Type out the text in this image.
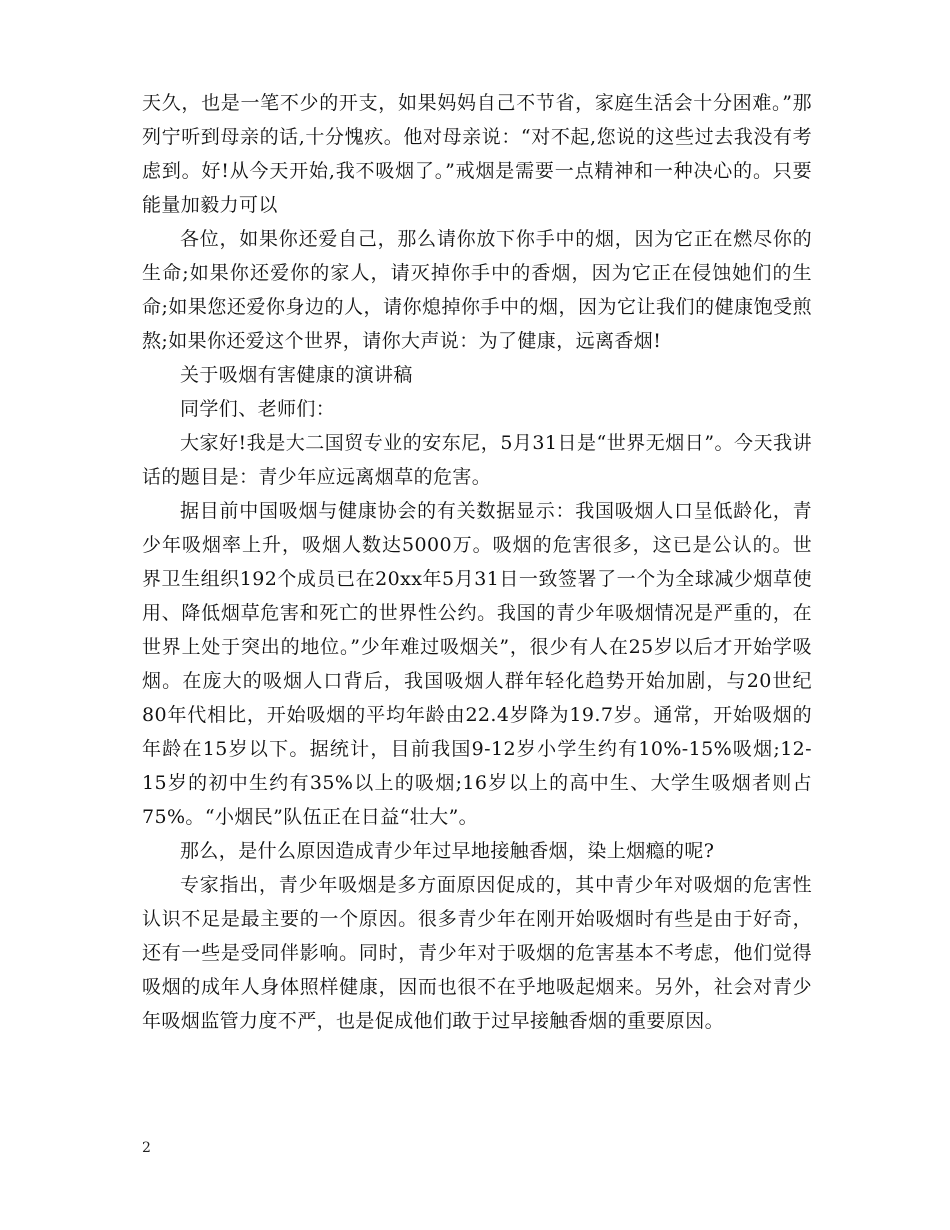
天久，也是一笔不少的开支，如果妈妈自己不节省，家庭生活会十分困难。”那列宁听到母亲的话,十分愧疚。他对母亲说：“对不起,您说的这些过去我没有考虑到。好!从今天开始,我不吸烟了。”戒烟是需要一点精神和一种决心的。只要能量加毅力可以

各位，如果你还爱自己，那么请你放下你手中的烟，因为它正在燃尽你的生命;如果你还爱你的家人，请灭掉你手中的香烟，因为它正在侵蚀她们的生命;如果您还爱你身边的人，请你熄掉你手中的烟，因为它让我们的健康饱受煎熬;如果你还爱这个世界，请你大声说：为了健康，远离香烟!

关于吸烟有害健康的演讲稿

同学们、老师们：

大家好!我是大二国贸专业的安东尼，5月31日是“世界无烟日”。今天我讲话的题目是：青少年应远离烟草的危害。

据目前中国吸烟与健康协会的有关数据显示：我国吸烟人口呈低龄化，青少年吸烟率上升，吸烟人数达5000万。吸烟的危害很多，这已是公认的。世界卫生组织192个成员已在20xx年5月31日一致签署了一个为全球减少烟草使用、降低烟草危害和死亡的世界性公约。我国的青少年吸烟情况是严重的，在世界上处于突出的地位。”少年难过吸烟关”，很少有人在25岁以后才开始学吸烟。在庞大的吸烟人口背后，我国吸烟人群年轻化趋势开始加剧，与20世纪80年代相比，开始吸烟的平均年龄由22.4岁降为19.7岁。通常，开始吸烟的年龄在15岁以下。据统计，目前我国9-12岁小学生约有10%-15%吸烟;12-15岁的初中生约有35%以上的吸烟;16岁以上的高中生、大学生吸烟者则占75%。“小烟民”队伍正在日益“壮大”。

那么，是什么原因造成青少年过早地接触香烟，染上烟瘾的呢?

专家指出，青少年吸烟是多方面原因促成的，其中青少年对吸烟的危害性认识不足是最主要的一个原因。很多青少年在刚开始吸烟时有些是由于好奇，还有一些是受同伴影响。同时，青少年对于吸烟的危害基本不考虑，他们觉得吸烟的成年人身体照样健康，因而也很不在乎地吸起烟来。另外，社会对青少年吸烟监管力度不严，也是促成他们敢于过早接触香烟的重要原因。

2
